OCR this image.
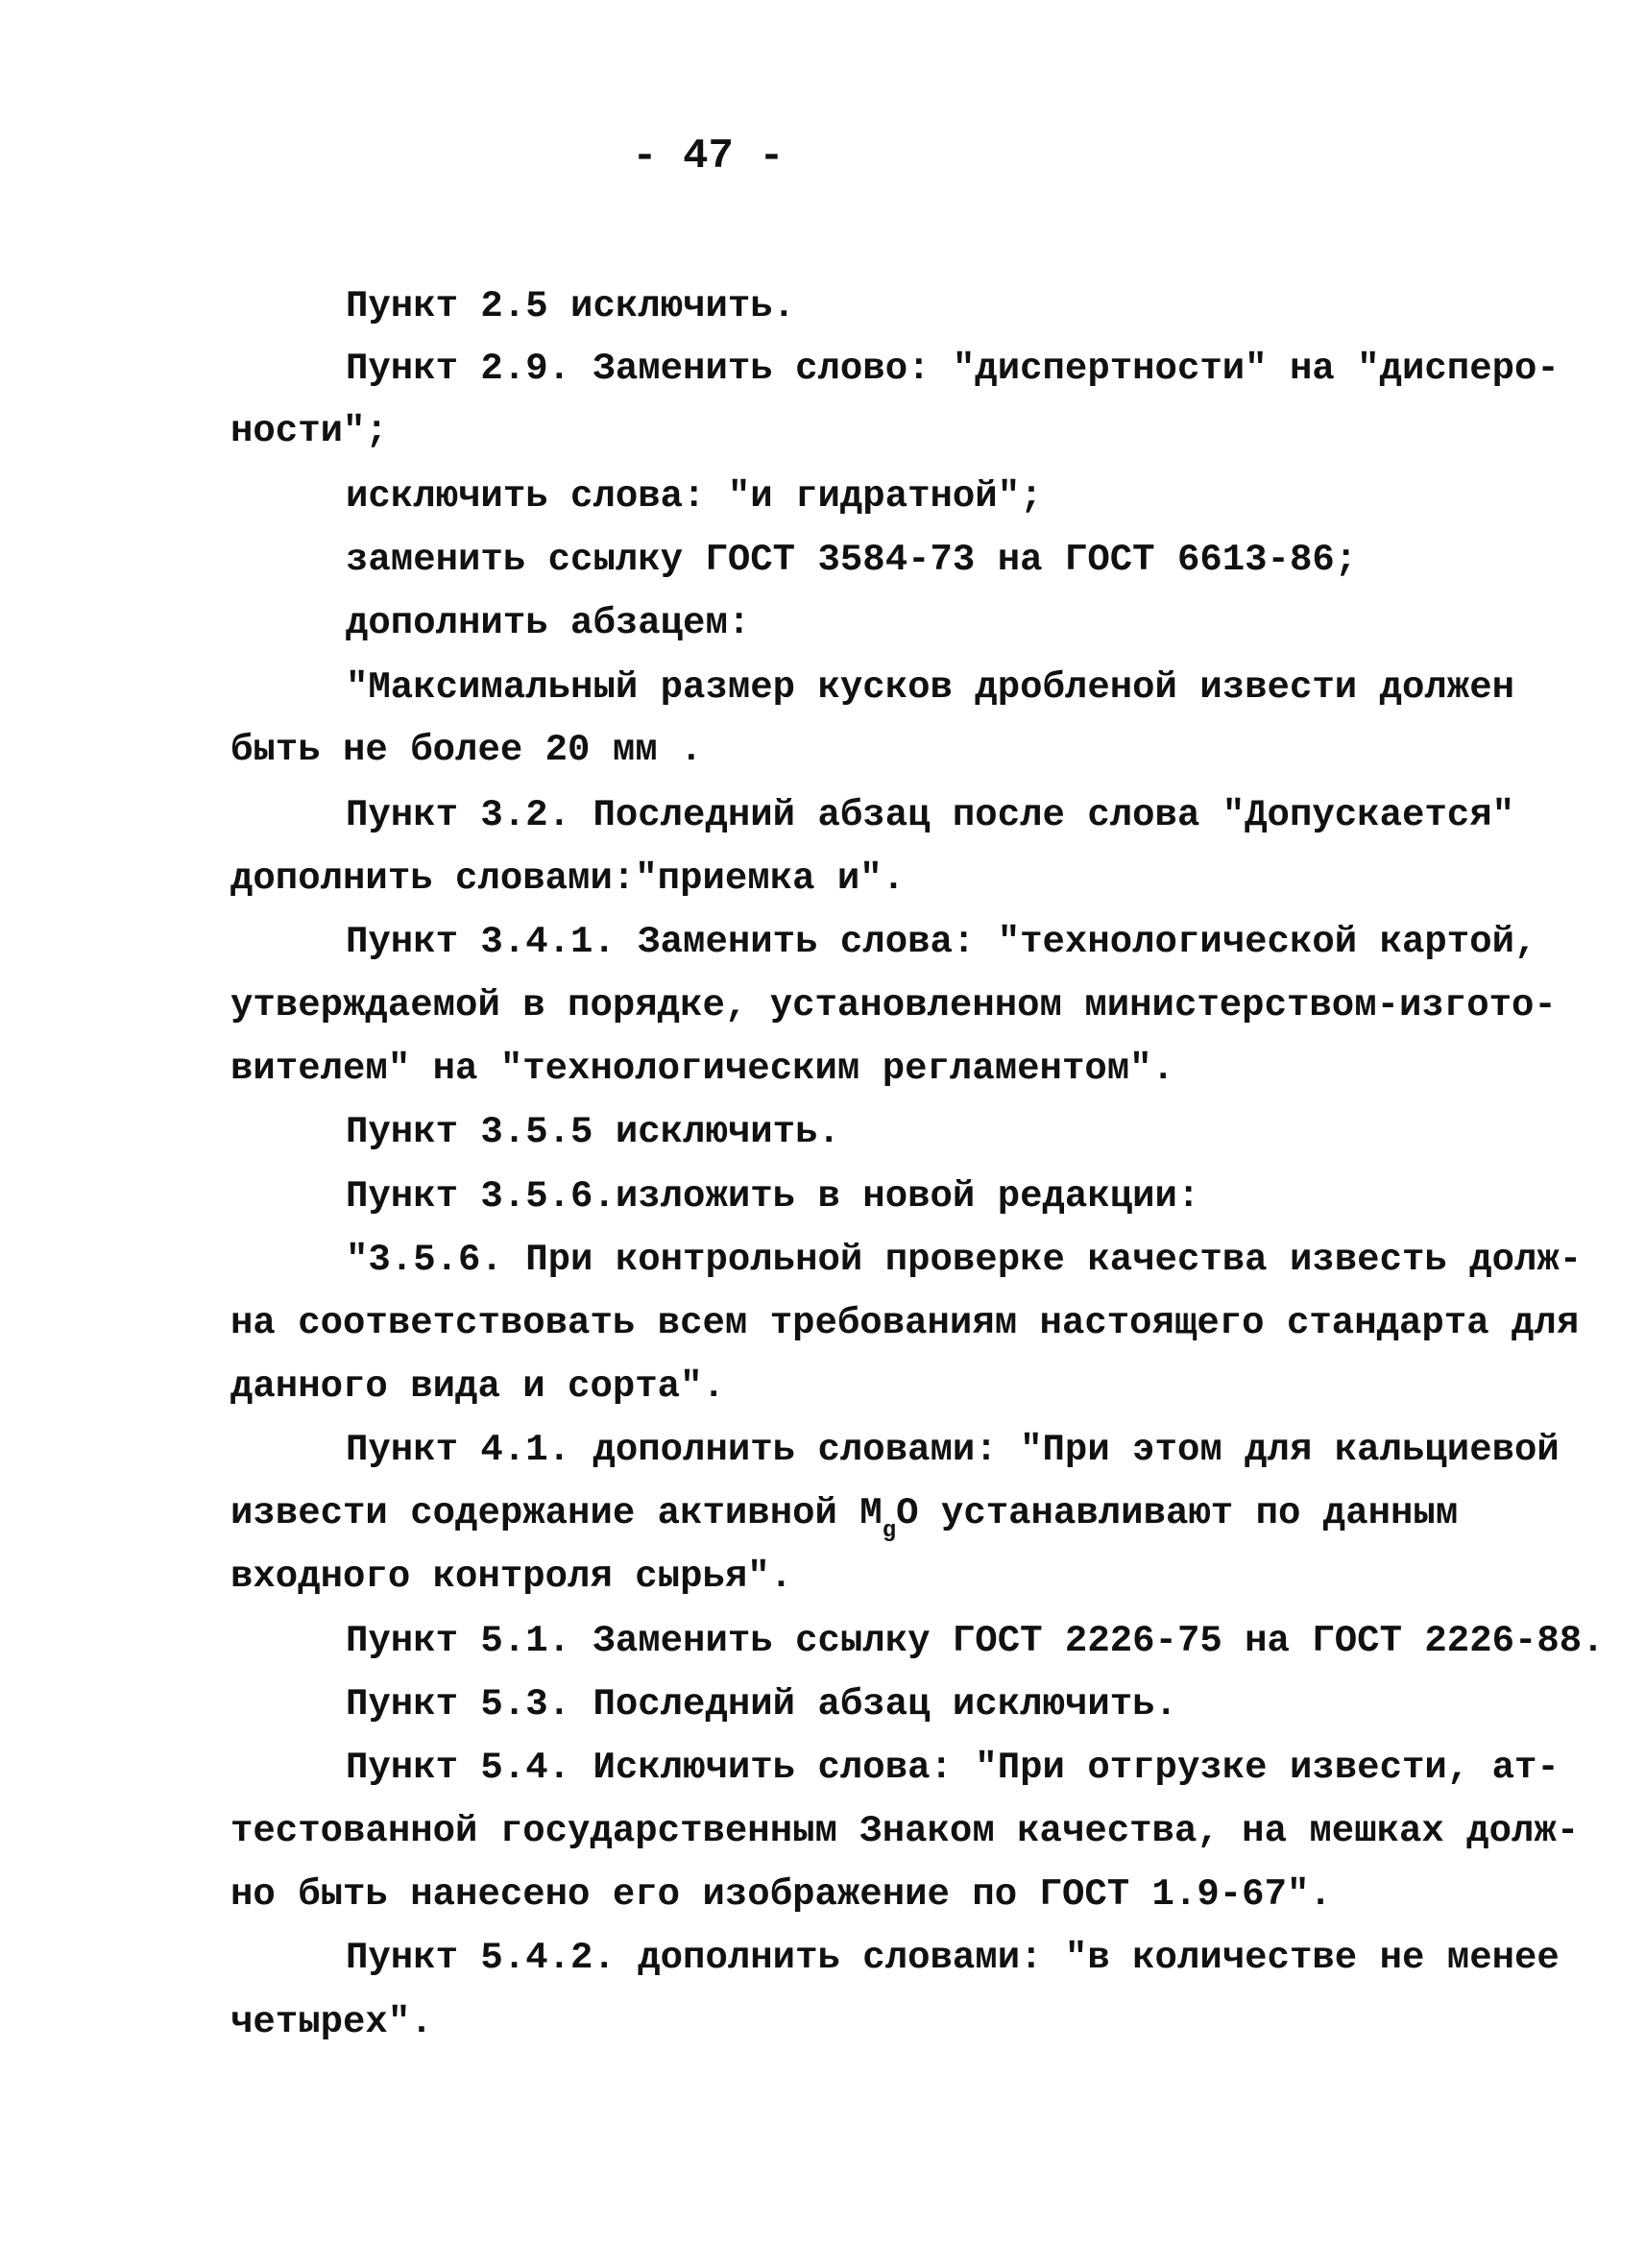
- 47 -
Пункт 2.5 исключить.
Пункт 2.9. Заменить слово: "диспертности" на "дисперо-
ности";
исключить слова: "и гидратной";
заменить ссылку ГОСТ 3584-73 на ГОСТ 6613-86;
дополнить абзацем:
"Максимальный размер кусков дробленой извести должен
быть не более 20 мм .
Пункт 3.2. Последний абзац после слова "Допускается"
дополнить словами:"приемка и".
Пункт 3.4.1. Заменить слова: "технологической картой,
утверждаемой в порядке, установленном министерством-изгото-
вителем" на "технологическим регламентом".
Пункт 3.5.5 исключить.
Пункт 3.5.6.изложить в новой редакции:
"3.5.6. При контрольной проверке качества известь долж-
на соответствовать всем требованиям настоящего стандарта для
данного вида и сорта".
Пункт 4.1. дополнить словами: "При этом для кальциевой
извести содержание активной $M_gO$ устанавливают по данным
входного контроля сырья".
Пункт 5.1. Заменить ссылку ГОСТ 2226-75 на ГОСТ 2226-88.
Пункт 5.3. Последний абзац исключить.
Пункт 5.4. Исключить слова: "При отгрузке извести, ат-
тестованной государственным Знаком качества, на мешках долж-
но быть нанесено его изображение по ГОСТ 1.9-67".
Пункт 5.4.2. дополнить словами: "в количестве не менее
четырех".
